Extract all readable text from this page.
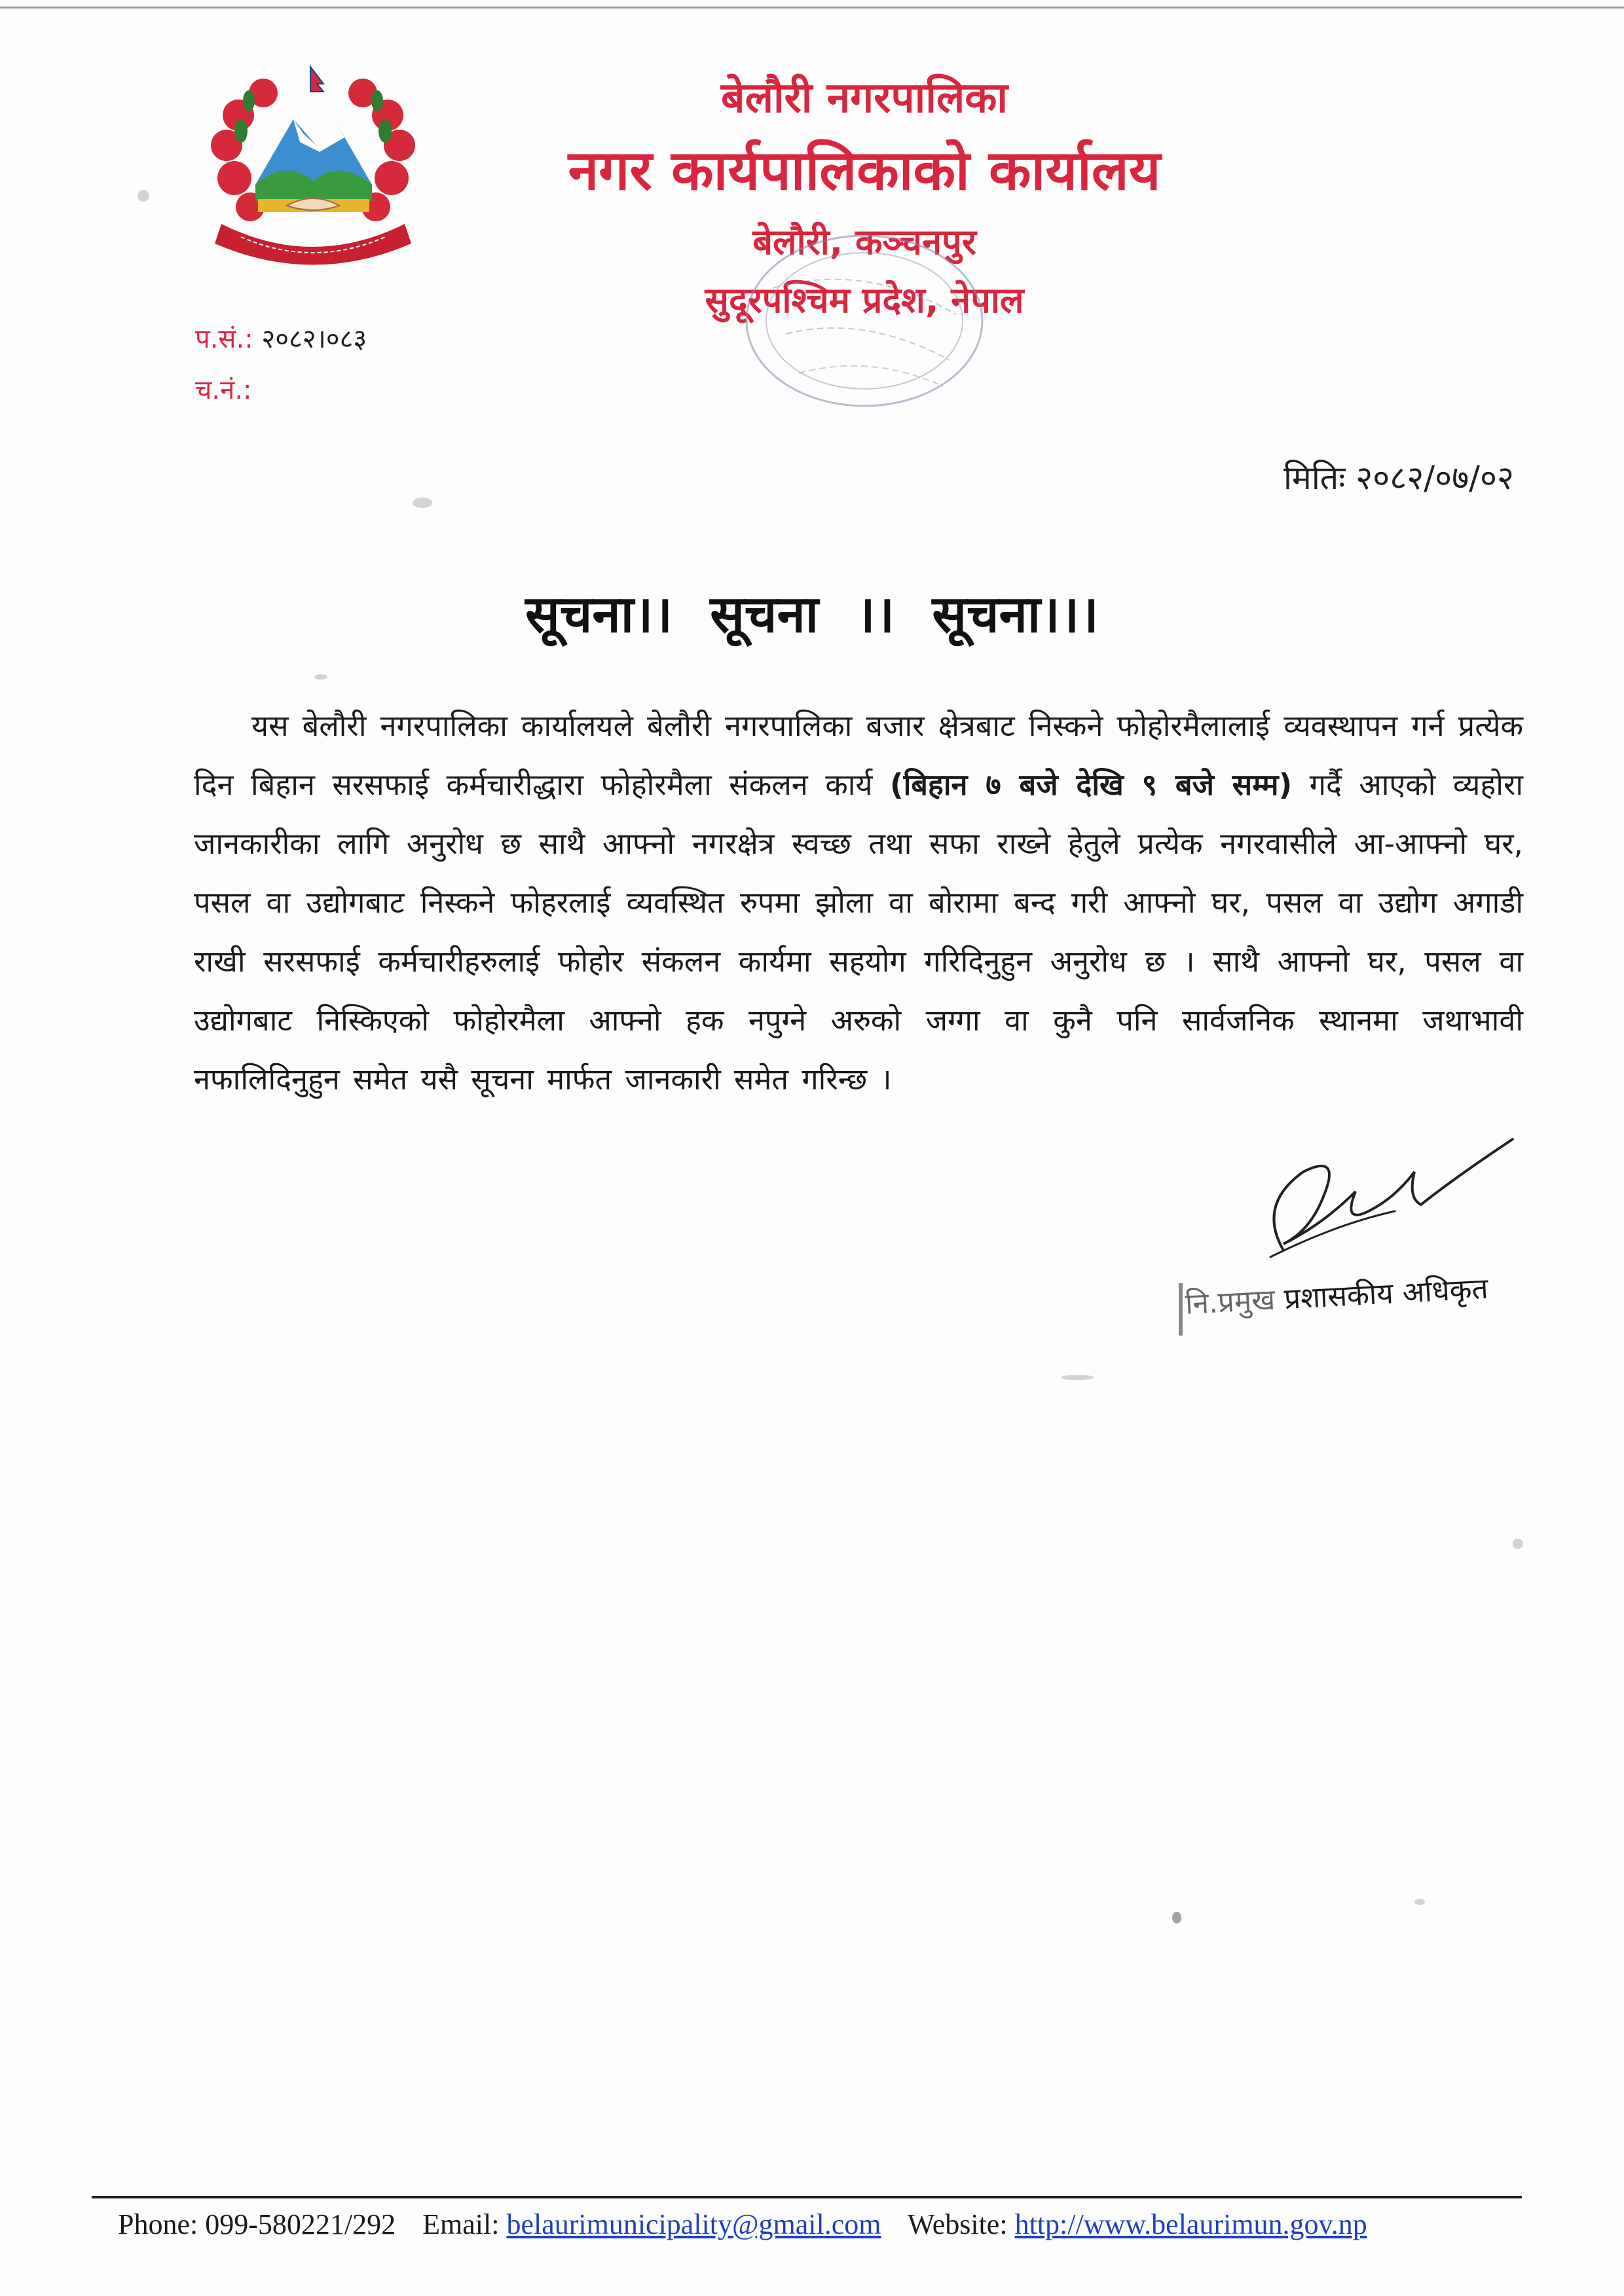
बेलौरी नगरपालिका
नगर कार्यपालिकाको कार्यालय
बेलौरी, कञ्चनपुर
सुदूरपश्चिम प्रदेश, नेपाल
प.सं.: २०८२।०८३
च.नं.:
मितिः २०८२/०७/०२
सूचना।। सूचना ।। सूचना।।।
यस बेलौरी नगरपालिका कार्यालयले बेलौरी नगरपालिका बजार क्षेत्रबाट निस्कने फोहोरमैलालाई व्यवस्थापन गर्न प्रत्येक दिन बिहान सरसफाई कर्मचारीद्धारा फोहोरमैला संकलन कार्य (बिहान ७ बजे देखि ९ बजे सम्म) गर्दै आएको व्यहोरा जानकारीका लागि अनुरोध छ साथै आफ्नो नगरक्षेत्र स्वच्छ तथा सफा राख्ने हेतुले प्रत्येक नगरवासीले आ-आफ्नो घर, पसल वा उद्योगबाट निस्कने फोहरलाई व्यवस्थित रुपमा झोला वा बोरामा बन्द गरी आफ्नो घर, पसल वा उद्योग अगाडी राखी सरसफाई कर्मचारीहरुलाई फोहोर संकलन कार्यमा सहयोग गरिदिनुहुन अनुरोध छ । साथै आफ्नो घर, पसल वा उद्योगबाट निस्किएको फोहोरमैला आफ्नो हक नपुग्ने अरुको जग्गा वा कुनै पनि सार्वजनिक स्थानमा जथाभावी नफालिदिनुहुन समेत यसै सूचना मार्फत जानकारी समेत गरिन्छ ।
नि.प्रमुख प्रशासकीय अधिकृत
Phone: 099-580221/292 Email: belaurimunicipality@gmail.com Website: http://www.belaurimun.gov.np
